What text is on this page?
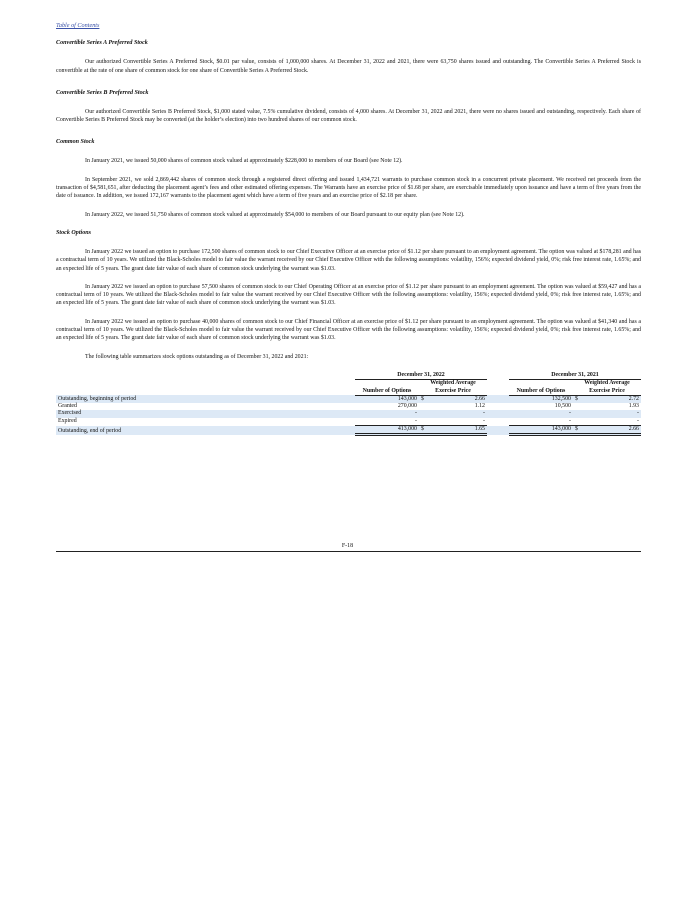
Table of Contents
Convertible Series A Preferred Stock

Our authorized Convertible Series A Preferred Stock, $0.01 par value, consists of 1,000,000 shares. At December 31, 2022 and 2021, there were 63,750 shares issued and outstanding. The Convertible Series A Preferred Stock is convertible at the rate of one share of common stock for one share of Convertible Series A Preferred Stock.

Convertible Series B Preferred Stock

Our authorized Convertible Series B Preferred Stock, $1,000 stated value, 7.5% cumulative dividend, consists of 4,000 shares. At December 31, 2022 and 2021, there were no shares issued and outstanding, respectively. Each share of Convertible Series B Preferred Stock may be converted (at the holder’s election) into two hundred shares of our common stock.

Common Stock

In January 2021, we issued 50,000 shares of common stock valued at approximately $228,000 to members of our Board (see Note 12).

In September 2021, we sold 2,869,442 shares of common stock through a registered direct offering and issued 1,434,721 warrants to purchase common stock in a concurrent private placement. We received net proceeds from the transaction of $4,581,651, after deducting the placement agent’s fees and other estimated offering expenses. The Warrants have an exercise price of $1.68 per share, are exercisable immediately upon issuance and have a term of five years from the date of issuance. In addition, we issued 172,167 warrants to the placement agent which have a term of five years and an exercise price of $2.18 per share.

In January 2022, we issued 51,750 shares of common stock valued at approximately $54,000 to members of our Board pursuant to our equity plan (see Note 12).

Stock Options

In January 2022 we issued an option to purchase 172,500 shares of common stock to our Chief Executive Officer at an exercise price of $1.12 per share pursuant to an employment agreement. The option was valued at $178,281 and has a contractual term of 10 years. We utilized the Black-Scholes model to fair value the warrant received by our Chief Executive Officer with the following assumptions: volatility, 156%; expected dividend yield, 0%; risk free interest rate, 1.65%; and an expected life of 5 years. The grant date fair value of each share of common stock underlying the warrant was $1.03.

In January 2022 we issued an option to purchase 57,500 shares of common stock to our Chief Operating Officer at an exercise price of $1.12 per share pursuant to an employment agreement. The option was valued at $59,427 and has a contractual term of 10 years. We utilized the Black-Scholes model to fair value the warrant received by our Chief Executive Officer with the following assumptions: volatility, 156%; expected dividend yield, 0%; risk free interest rate, 1.65%; and an expected life of 5 years. The grant date fair value of each share of common stock underlying the warrant was $1.03.

In January 2022 we issued an option to purchase 40,000 shares of common stock to our Chief Financial Officer at an exercise price of $1.12 per share pursuant to an employment agreement. The option was valued at $41,340 and has a contractual term of 10 years. We utilized the Black-Scholes model to fair value the warrant received by our Chief Executive Officer with the following assumptions: volatility, 156%; expected dividend yield, 0%; risk free interest rate, 1.65%; and an expected life of 5 years. The grant date fair value of each share of common stock underlying the warrant was $1.03.

The following table summarizes stock options outstanding as of December 31, 2022 and 2021:

	December 31, 2022				December 31, 2021		
	Number of Options	Weighted Average Exercise Price			Number of Options	Weighted Average Exercise Price	
Outstanding, beginning of period	143,000	$	2.66		132,500	$	2.72
Granted	270,000		1.12		10,500		1.93
Exercised	-		-		-		-
Expired	-		-		-		-
Outstanding, end of period	413,000	$	1.65		143,000	$	2.66
F-18
